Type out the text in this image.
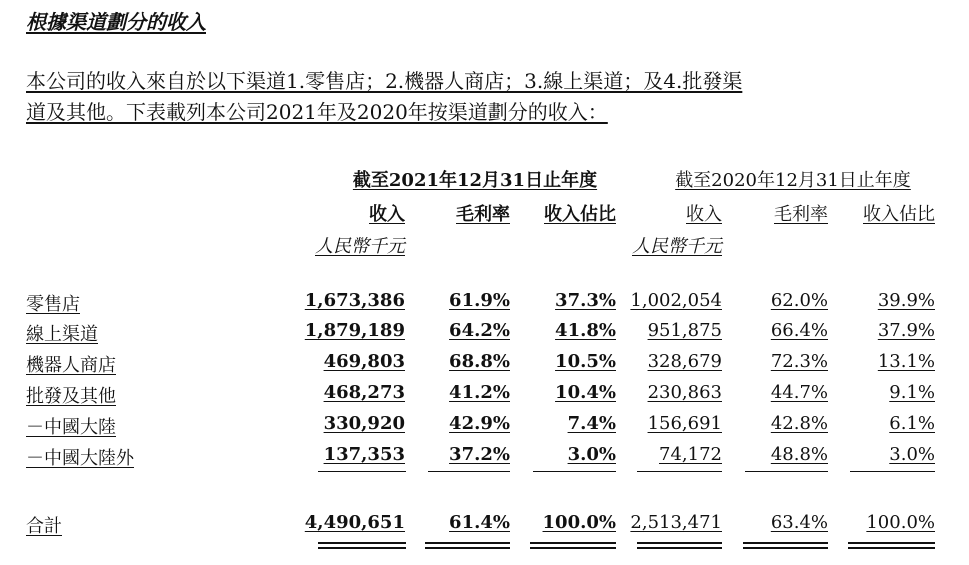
根據渠道劃分的收入

本公司的收入來自於以下渠道1.零售店；2.機器人商店；3.線上渠道；及4.批發渠

道及其他。下表載列本公司2021年及2020年按渠道劃分的收入：

截至2021年12月31日止年度	截至2020年12月31日止年度
收入	毛利率	收入佔比	收入	毛利率	收入佔比
人民幣千元	人民幣千元
零售店	1,673,386	61.9%	37.3% 1,002,054	62.0%	39.9%
線上渠道	1,879,189	64.2%	41.8%	951,875	66.4%	37.9%
機器人商店	469,803	68.8%	10.5%	328,679	72.3%	13.1%
批發及其他	468,273	41.2%	10.4%	230,863	44.7%	9.1%
－中國大陸	330,920	42.9%	7.4%	156,691	42.8%	6.1%
－中國大陸外	137,353	37.2%	3.0%	74,172	48.8%	3.0%
合計	4,490,651	61.4%	100.0% 2,513,471	63.4%	100.0%
